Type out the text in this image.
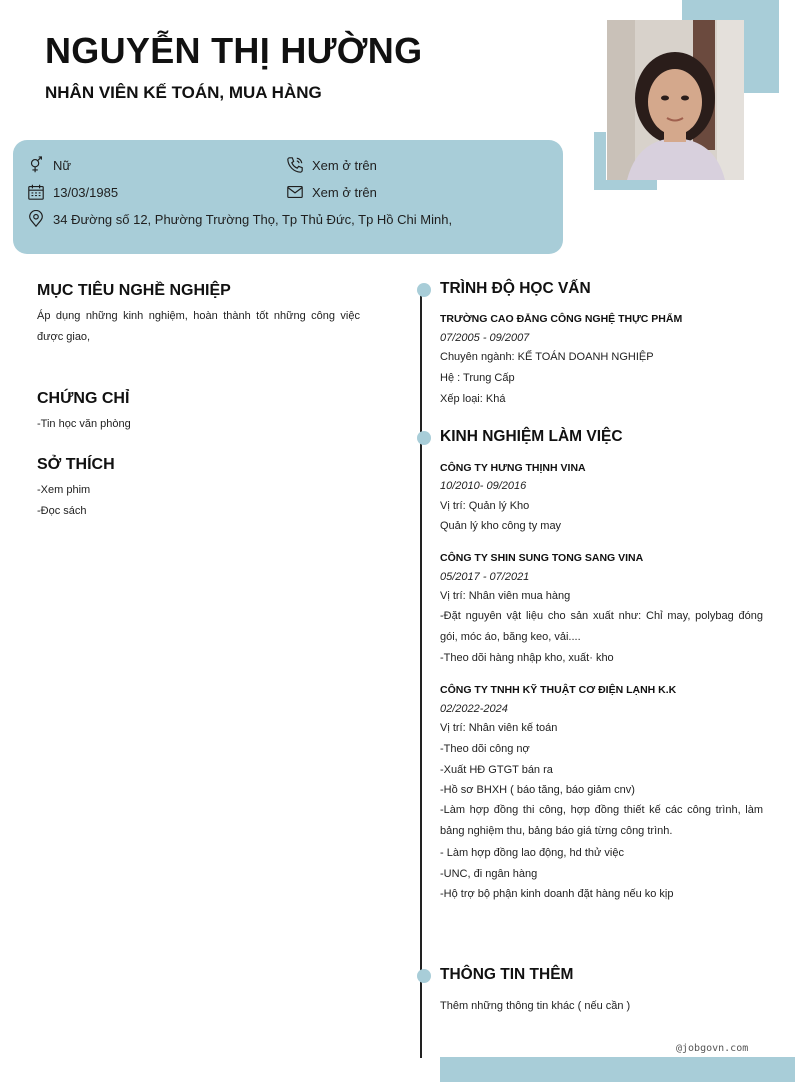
NGUYỄN THỊ HƯỜNG
NHÂN VIÊN KẾ TOÁN, MUA HÀNG
Nữ
13/03/1985
34 Đường số 12, Phường Trường Thọ, Tp Thủ Đức, Tp Hồ Chi Minh,
Xem ở trên
Xem ở trên
MỤC TIÊU NGHỀ NGHIỆP
Áp dụng những kinh nghiệm, hoàn thành tốt những công việc được giao,
CHỨNG CHỈ
-Tin học văn phòng
SỞ THÍCH
-Xem phim
-Đọc sách
TRÌNH ĐỘ HỌC VẤN
TRƯỜNG CAO ĐẲNG CÔNG NGHỆ THỰC PHẨM
07/2005 - 09/2007
Chuyên ngành: KẾ TOÁN DOANH NGHIỆP
Hệ : Trung Cấp
Xếp loại: Khá
KINH NGHIỆM LÀM VIỆC
CÔNG TY HƯNG THỊNH VINA
10/2010- 09/2016
Vị trí: Quản lý Kho
Quản lý kho công ty may
CÔNG TY SHIN SUNG TONG SANG VINA
05/2017 - 07/2021
Vị trí: Nhân viên mua hàng
-Đặt nguyên vật liệu cho sản xuất như: Chỉ may, polybag đóng gói, móc áo, băng keo, vải....
-Theo dõi hàng nhập kho, xuất· kho
CÔNG TY TNHH KỸ THUẬT CƠ ĐIỆN LẠNH K.K
02/2022-2024
Vị trí: Nhân viên kế toán
-Theo dõi công nợ
-Xuất HĐ GTGT bán ra
-Hồ sơ BHXH ( báo tăng, báo giảm cnv)
-Làm hợp đồng thi công, hợp đồng thiết kế các công trình, làm bảng nghiệm thu, bảng báo giá từng công trình.
- Làm hợp đồng lao động, hd thử việc
-UNC, đi ngân hàng
-Hộ trợ bộ phận kinh doanh đặt hàng nếu ko kịp
THÔNG TIN THÊM
Thêm những thông tin khác ( nếu cần )
@jobgovn.com
